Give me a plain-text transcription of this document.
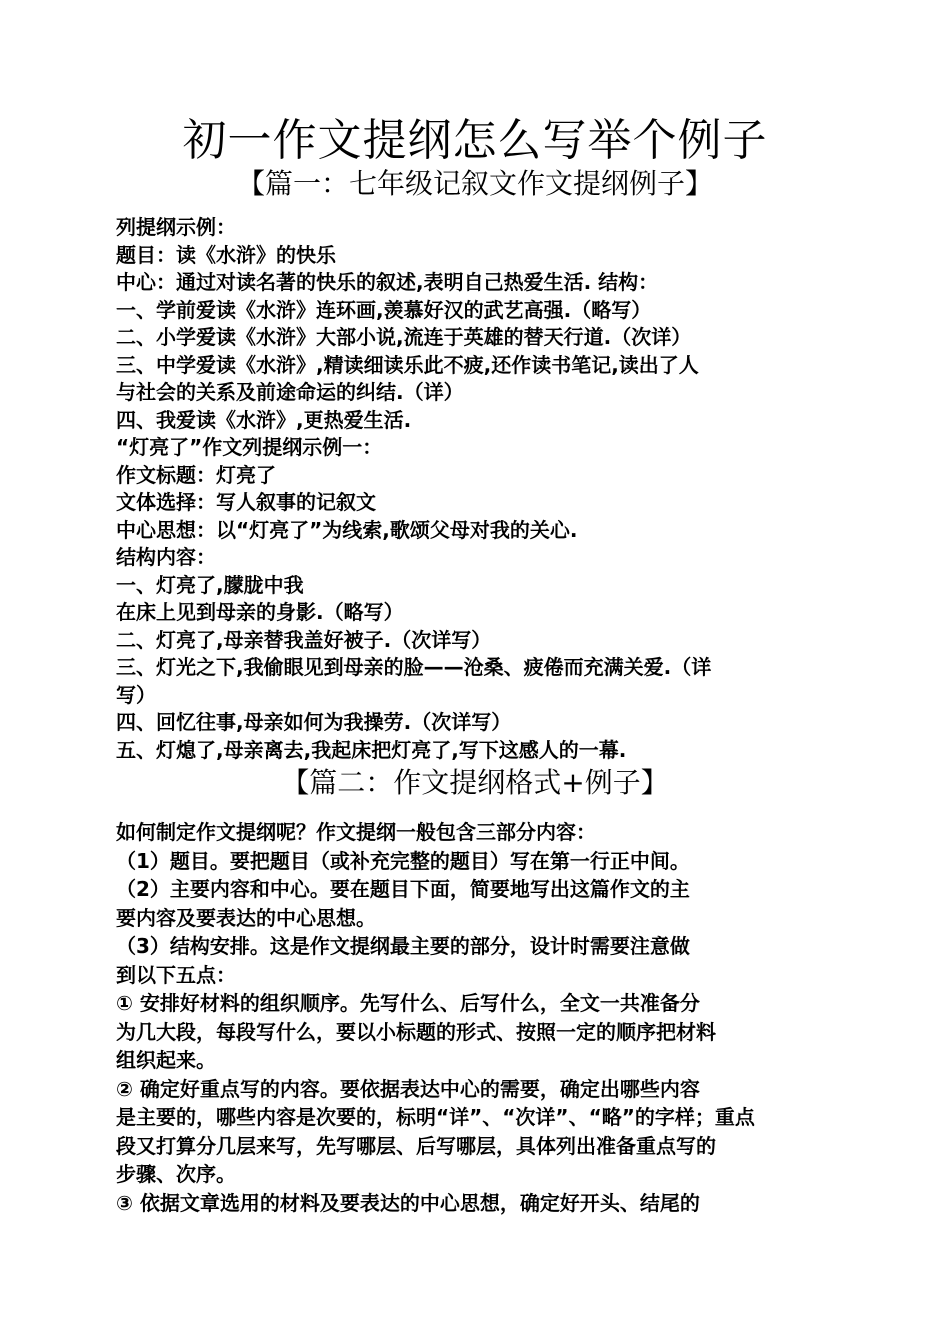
初一作文提纲怎么写举个例子
【篇一：七年级记叙文作文提纲例子】
列提纲示例：
题目：读《水浒》的快乐
中心：通过对读名著的快乐的叙述,表明自己热爱生活. 结构：
一、学前爱读《水浒》连环画,羡慕好汉的武艺高强.（略写）
二、小学爱读《水浒》大部小说,流连于英雄的替天行道.（次详）
三、中学爱读《水浒》,精读细读乐此不疲,还作读书笔记,读出了人
与社会的关系及前途命运的纠结.（详）
四、我爱读《水浒》,更热爱生活.
“灯亮了”作文列提纲示例一：
作文标题：灯亮了
文体选择：写人叙事的记叙文
中心思想：以“灯亮了”为线索,歌颂父母对我的关心.
结构内容：
一、灯亮了,朦胧中我
在床上见到母亲的身影.（略写）
二、灯亮了,母亲替我盖好被子.（次详写）
三、灯光之下,我偷眼见到母亲的脸——沧桑、疲倦而充满关爱.（详
写）
四、回忆往事,母亲如何为我操劳.（次详写）
五、灯熄了,母亲离去,我起床把灯亮了,写下这感人的一幕.
【篇二：作文提纲格式+例子】
如何制定作文提纲呢？作文提纲一般包含三部分内容：
（1）题目。要把题目（或补充完整的题目）写在第一行正中间。
（2）主要内容和中心。要在题目下面，简要地写出这篇作文的主
要内容及要表达的中心思想。
（3）结构安排。这是作文提纲最主要的部分，设计时需要注意做
到以下五点：
① 安排好材料的组织顺序。先写什么、后写什么，全文一共准备分
为几大段，每段写什么，要以小标题的形式、按照一定的顺序把材料
组织起来。
② 确定好重点写的内容。要依据表达中心的需要，确定出哪些内容
是主要的，哪些内容是次要的，标明“详”、“次详”、“略”的字样；重点
段又打算分几层来写，先写哪层、后写哪层，具体列出准备重点写的
步骤、次序。
③ 依据文章选用的材料及要表达的中心思想，确定好开头、结尾的
